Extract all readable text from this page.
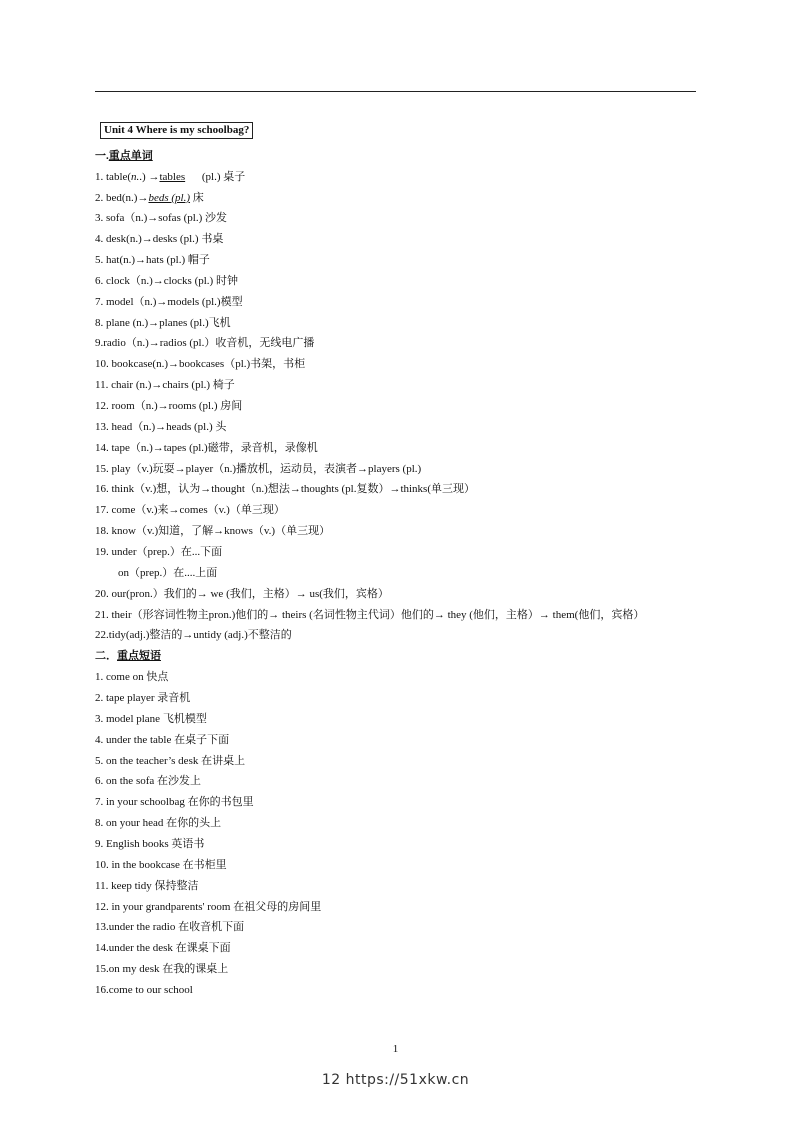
Unit 4 Where is my schoolbag?
一.重点单词
1. table(n..) →tables (pl.) 桌子
2. bed(n.)→beds (pl.) 床
3. sofa（n.)→sofas (pl.) 沙发
4. desk(n.)→desks (pl.) 书桌
5. hat(n.)→hats (pl.) 帽子
6. clock（n.)→clocks (pl.) 时钟
7. model（n.)→models (pl.)模型
8. plane (n.)→planes (pl.)飞机
9.radio（n.)→radios (pl.）收音机，无线电广播
10. bookcase(n.)→bookcases（pl.)书架，书柜
11. chair (n.)→chairs (pl.) 椅子
12. room（n.)→rooms (pl.) 房间
13. head（n.)→heads (pl.) 头
14. tape（n.)→tapes (pl.)磁带，录音机，录像机
15. play（v.)玩耍→player（n.)播放机，运动员，表演者→players (pl.)
16. think（v.)想，认为→thought（n.)想法→thoughts (pl.复数）→thinks(单三现）
17. come（v.)来→comes（v.)（单三现）
18. know（v.)知道，了解→knows（v.)（单三现）
19. under（prep.）在...下面
on（prep.）在....上面
20. our(pron.）我们的→ we (我们，主格）→ us(我们，宾格）
21. their（形容词性物主pron.)他们的→ theirs (名词性物主代词）他们的→ they (他们，主格）→ them(他们，宾格）
22.tidy(adj.)整洁的→untidy (adj.)不整洁的
二．重点短语
1. come on 快点
2. tape player 录音机
3. model plane 飞机模型
4. under the table 在桌子下面
5. on the teacher’s desk 在讲桌上
6. on the sofa 在沙发上
7. in your schoolbag 在你的书包里
8. on your head 在你的头上
9. English books 英语书
10. in the bookcase 在书柜里
11. keep tidy 保持整洁
12. in your grandparents' room 在祖父母的房间里
13.under the radio 在收音机下面
14.under the desk 在课桌下面
15.on my desk 在我的课桌上
16.come to our school
1
12 https://51xkw.cn
